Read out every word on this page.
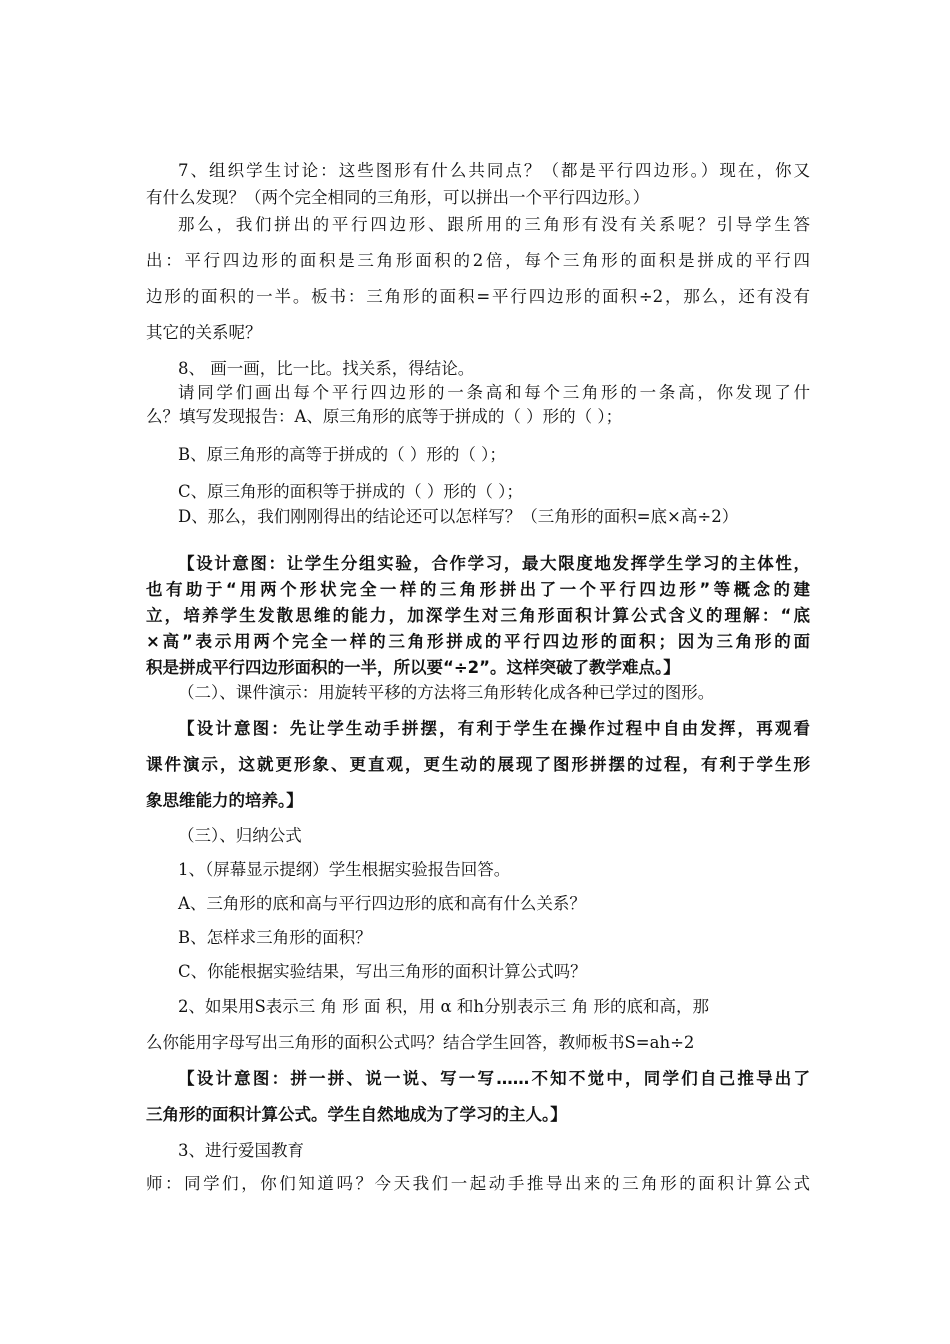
7、组织学生讨论：这些图形有什么共同点？（都是平行四边形。）现在，你又
有什么发现？（两个完全相同的三角形，可以拼出一个平行四边形。）
那么，我们拼出的平行四边形、跟所用的三角形有没有关系呢？引导学生答
出：平行四边形的面积是三角形面积的2倍，每个三角形的面积是拼成的平行四
边形的面积的一半。板书：三角形的面积=平行四边形的面积÷2，那么，还有没有
其它的关系呢？
8、 画一画，比一比。找关系，得结论。
请同学们画出每个平行四边形的一条高和每个三角形的一条高，你发现了什
么？填写发现报告：A、原三角形的底等于拼成的（ ）形的（ ）；
B、原三角形的高等于拼成的（ ）形的（ ）；
C、原三角形的面积等于拼成的（ ）形的（ ）；
D、那么，我们刚刚得出的结论还可以怎样写？（三角形的面积=底×高÷2）
【设计意图：让学生分组实验，合作学习，最大限度地发挥学生学习的主体性，
也有助于“用两个形状完全一样的三角形拼出了一个平行四边形”等概念的建
立，培养学生发散思维的能力，加深学生对三角形面积计算公式含义的理解：“底
×高”表示用两个完全一样的三角形拼成的平行四边形的面积；因为三角形的面
积是拼成平行四边形面积的一半，所以要“÷2”。这样突破了教学难点。】
（二）、课件演示：用旋转平移的方法将三角形转化成各种已学过的图形。
【设计意图：先让学生动手拼摆，有利于学生在操作过程中自由发挥，再观看
课件演示，这就更形象、更直观，更生动的展现了图形拼摆的过程，有利于学生形
象思维能力的培养。】
（三）、归纳公式
1、（屏幕显示提纲）学生根据实验报告回答。
A、三角形的底和高与平行四边形的底和高有什么关系？
B、怎样求三角形的面积？
C、你能根据实验结果，写出三角形的面积计算公式吗？
2、如果用S表示三 角 形 面 积，用 α 和h分别表示三 角 形的底和高，那
么你能用字母写出三角形的面积公式吗？结合学生回答，教师板书S=ah÷2
【设计意图：拼一拼、说一说、写一写……不知不觉中，同学们自己推导出了
三角形的面积计算公式。学生自然地成为了学习的主人。】
3、进行爱国教育
师：同学们，你们知道吗？今天我们一起动手推导出来的三角形的面积计算公式
